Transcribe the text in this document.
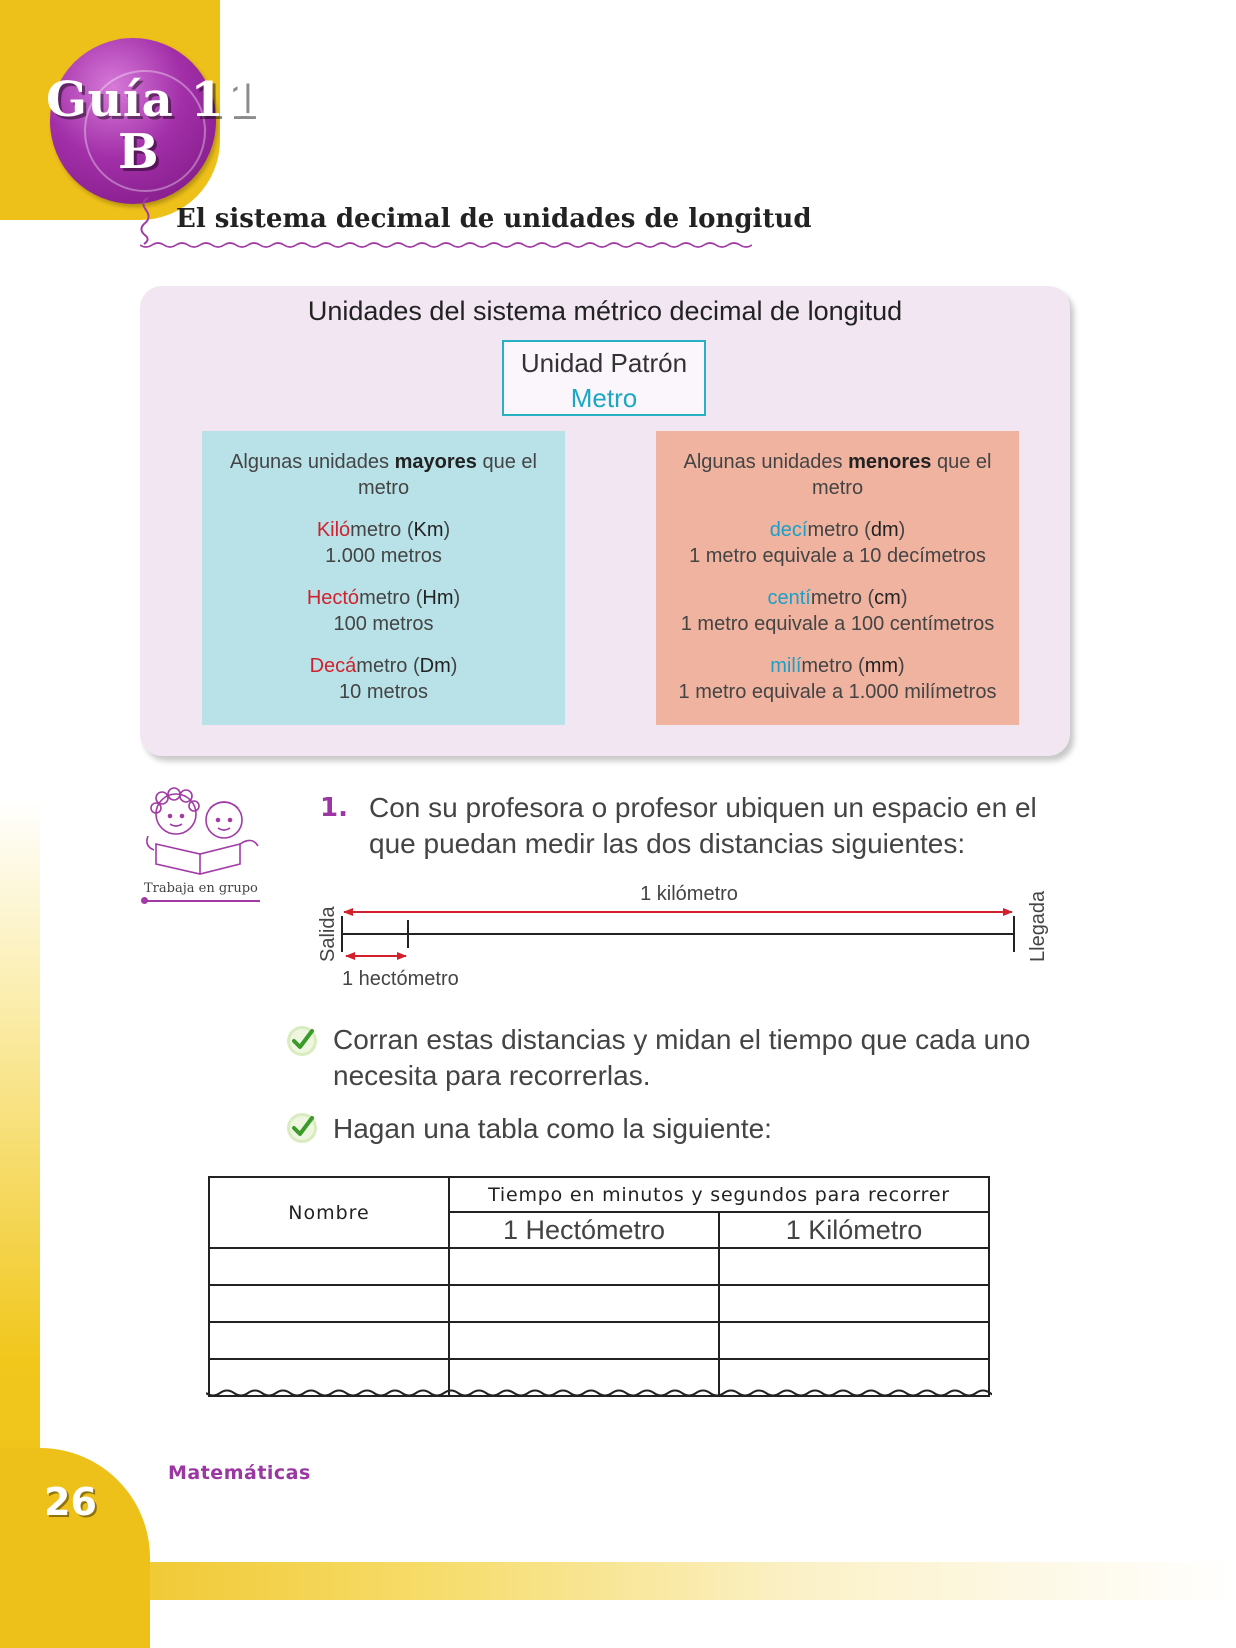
Guía 11
B
El sistema decimal de unidades de longitud
Unidades del sistema métrico decimal de longitud
Unidad Patrón
Metro
Algunas unidades mayores que el metro
Kilómetro (Km)
1.000 metros
Hectómetro (Hm)
100 metros
Decámetro (Dm)
10 metros
Algunas unidades menores que el metro
decímetro (dm)
1 metro equivale a 10 decímetros
centímetro (cm)
1 metro equivale a 100 centímetros
milímetro (mm)
1 metro equivale a 1.000 milímetros
Trabaja en grupo
1. Con su profesora o profesor ubiquen un espacio en el que puedan medir las dos distancias siguientes:
1 kilómetro
1 hectómetro
Salida	Llegada
Corran estas distancias y midan el tiempo que cada uno necesita para recorrerlas.
Hagan una tabla como la siguiente:
Nombre	Tiempo en minutos y segundos para recorrer	
	1 Hectómetro	1 Kilómetro

Matemáticas
26
